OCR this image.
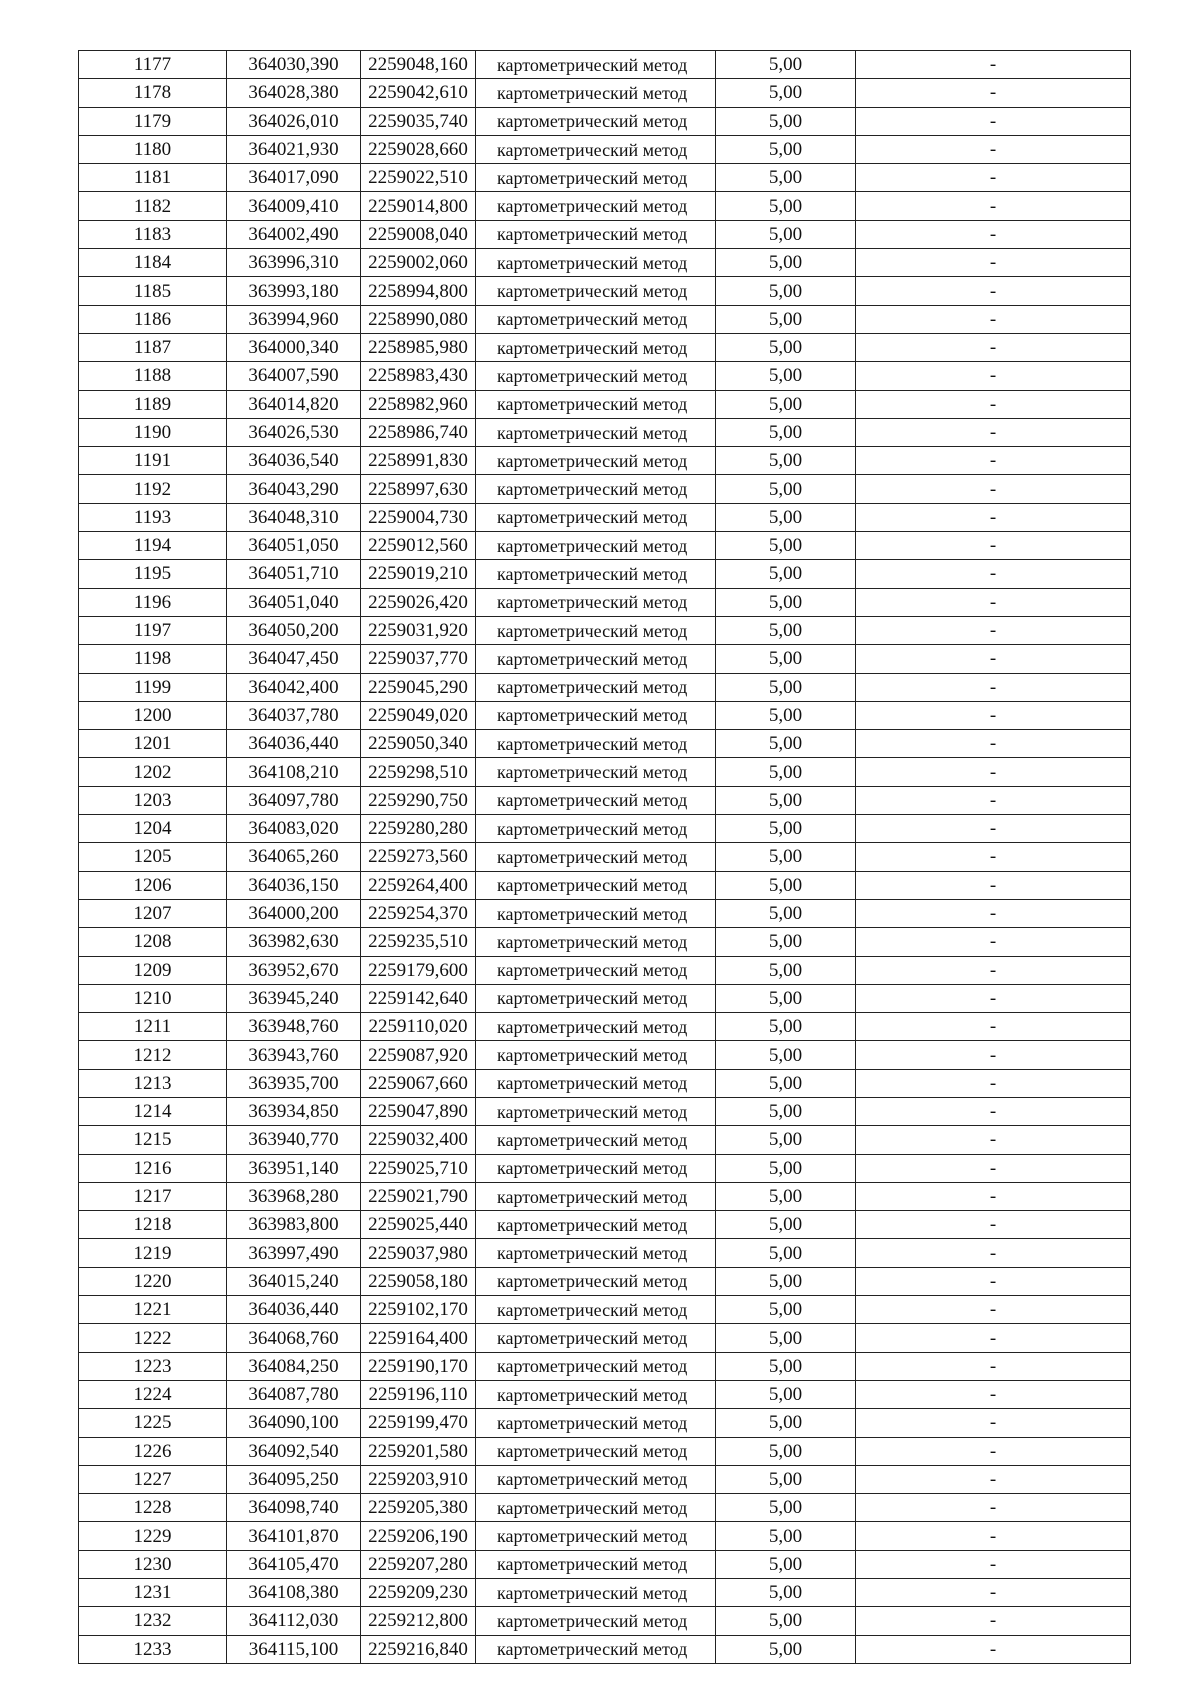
1177	364030,390	2259048,160	картометрический метод	5,00	-
1178	364028,380	2259042,610	картометрический метод	5,00	-
1179	364026,010	2259035,740	картометрический метод	5,00	-
1180	364021,930	2259028,660	картометрический метод	5,00	-
1181	364017,090	2259022,510	картометрический метод	5,00	-
1182	364009,410	2259014,800	картометрический метод	5,00	-
1183	364002,490	2259008,040	картометрический метод	5,00	-
1184	363996,310	2259002,060	картометрический метод	5,00	-
1185	363993,180	2258994,800	картометрический метод	5,00	-
1186	363994,960	2258990,080	картометрический метод	5,00	-
1187	364000,340	2258985,980	картометрический метод	5,00	-
1188	364007,590	2258983,430	картометрический метод	5,00	-
1189	364014,820	2258982,960	картометрический метод	5,00	-
1190	364026,530	2258986,740	картометрический метод	5,00	-
1191	364036,540	2258991,830	картометрический метод	5,00	-
1192	364043,290	2258997,630	картометрический метод	5,00	-
1193	364048,310	2259004,730	картометрический метод	5,00	-
1194	364051,050	2259012,560	картометрический метод	5,00	-
1195	364051,710	2259019,210	картометрический метод	5,00	-
1196	364051,040	2259026,420	картометрический метод	5,00	-
1197	364050,200	2259031,920	картометрический метод	5,00	-
1198	364047,450	2259037,770	картометрический метод	5,00	-
1199	364042,400	2259045,290	картометрический метод	5,00	-
1200	364037,780	2259049,020	картометрический метод	5,00	-
1201	364036,440	2259050,340	картометрический метод	5,00	-
1202	364108,210	2259298,510	картометрический метод	5,00	-
1203	364097,780	2259290,750	картометрический метод	5,00	-
1204	364083,020	2259280,280	картометрический метод	5,00	-
1205	364065,260	2259273,560	картометрический метод	5,00	-
1206	364036,150	2259264,400	картометрический метод	5,00	-
1207	364000,200	2259254,370	картометрический метод	5,00	-
1208	363982,630	2259235,510	картометрический метод	5,00	-
1209	363952,670	2259179,600	картометрический метод	5,00	-
1210	363945,240	2259142,640	картометрический метод	5,00	-
1211	363948,760	2259110,020	картометрический метод	5,00	-
1212	363943,760	2259087,920	картометрический метод	5,00	-
1213	363935,700	2259067,660	картометрический метод	5,00	-
1214	363934,850	2259047,890	картометрический метод	5,00	-
1215	363940,770	2259032,400	картометрический метод	5,00	-
1216	363951,140	2259025,710	картометрический метод	5,00	-
1217	363968,280	2259021,790	картометрический метод	5,00	-
1218	363983,800	2259025,440	картометрический метод	5,00	-
1219	363997,490	2259037,980	картометрический метод	5,00	-
1220	364015,240	2259058,180	картометрический метод	5,00	-
1221	364036,440	2259102,170	картометрический метод	5,00	-
1222	364068,760	2259164,400	картометрический метод	5,00	-
1223	364084,250	2259190,170	картометрический метод	5,00	-
1224	364087,780	2259196,110	картометрический метод	5,00	-
1225	364090,100	2259199,470	картометрический метод	5,00	-
1226	364092,540	2259201,580	картометрический метод	5,00	-
1227	364095,250	2259203,910	картометрический метод	5,00	-
1228	364098,740	2259205,380	картометрический метод	5,00	-
1229	364101,870	2259206,190	картометрический метод	5,00	-
1230	364105,470	2259207,280	картометрический метод	5,00	-
1231	364108,380	2259209,230	картометрический метод	5,00	-
1232	364112,030	2259212,800	картометрический метод	5,00	-
1233	364115,100	2259216,840	картометрический метод	5,00	-
